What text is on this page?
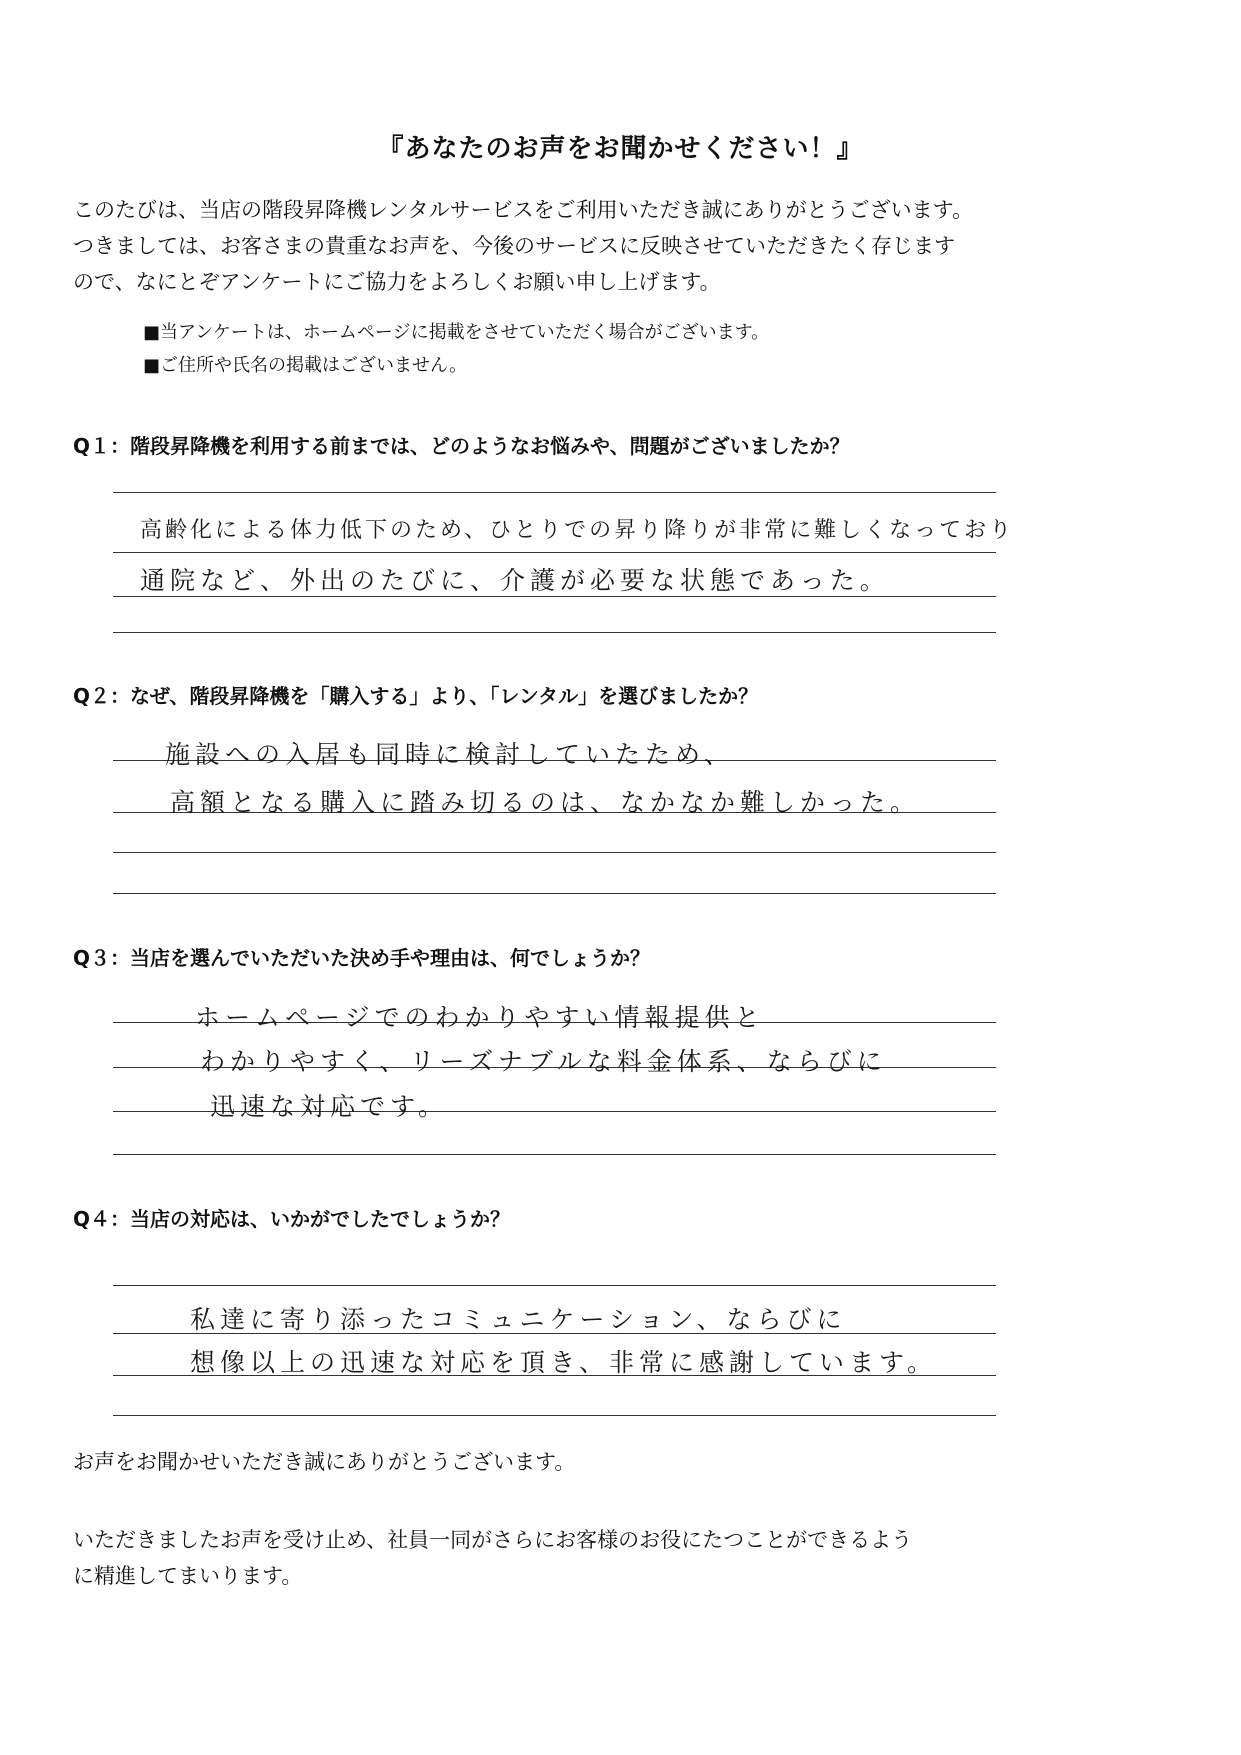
『あなたのお声をお聞かせください！』

このたびは、当店の階段昇降機レンタルサービスをご利用いただき誠にありがとうございます。

つきましては、お客さまの貴重なお声を、今後のサービスに反映させていただきたく存じます

ので、なにとぞアンケートにご協力をよろしくお願い申し上げます。

■当アンケートは、ホームページに掲載をさせていただく場合がございます。
■ご住所や氏名の掲載はございません。
Q１：階段昇降機を利用する前までは、どのようなお悩みや、問題がございましたか？
高齢化による体力低下のため、ひとりでの昇り降りが非常に難しくなっており
通院など、外出のたびに、介護が必要な状態であった。
Q２：なぜ、階段昇降機を「購入する」より、「レンタル」を選びましたか？
施設への入居も同時に検討していたため、
高額となる購入に踏み切るのは、なかなか難しかった。
Q３：当店を選んでいただいた決め手や理由は、何でしょうか？
ホームページでのわかりやすい情報提供と
わかりやすく、リーズナブルな料金体系、ならびに
迅速な対応です。
Q４：当店の対応は、いかがでしたでしょうか？
私達に寄り添ったコミュニケーション、ならびに
想像以上の迅速な対応を頂き、非常に感謝しています。

お声をお聞かせいただき誠にありがとうございます。

いただきましたお声を受け止め、社員一同がさらにお客様のお役にたつことができるよう

に精進してまいります。
